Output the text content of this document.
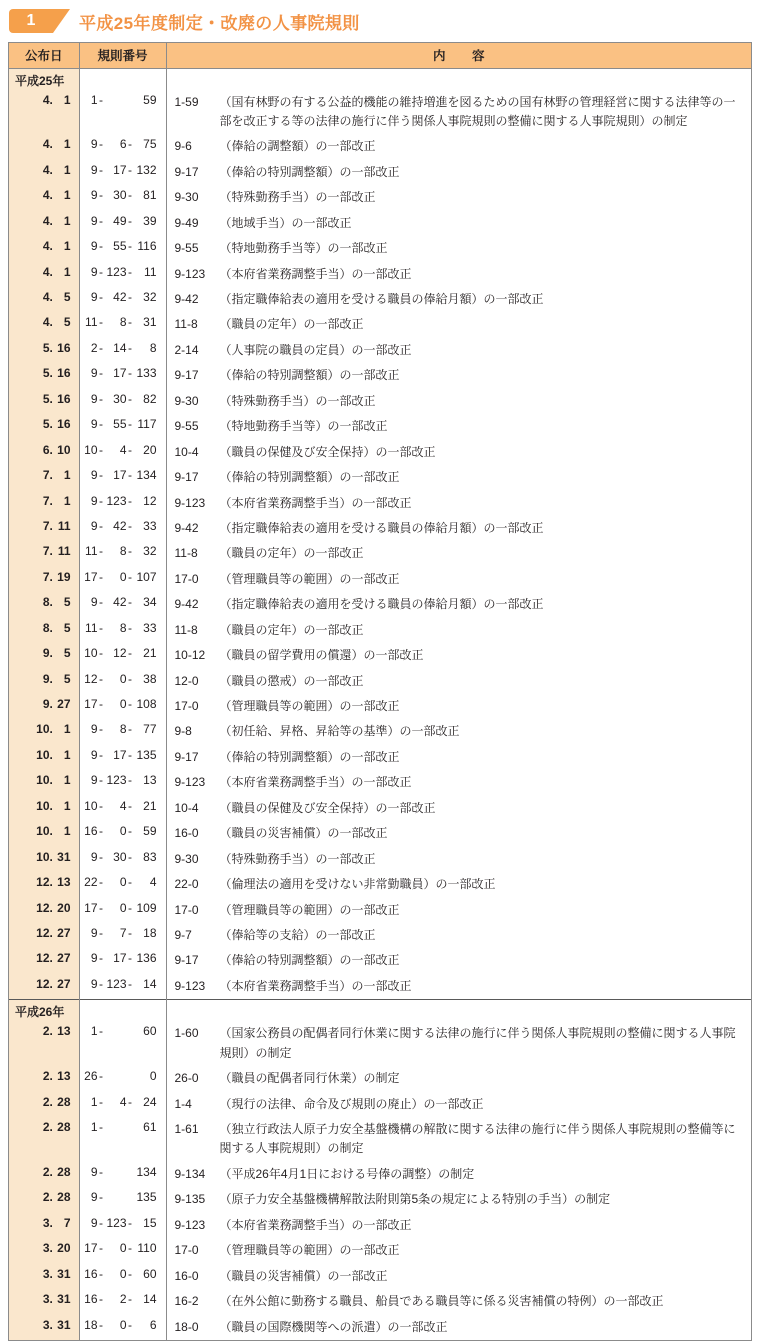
1	平成25年度制定・改廃の人事院規則
公布日	規則番号	内　容
平成25年		

4 . 1	1 - 59	1-59 （国有林野の有する公益的機能の維持増進を図るための国有林野の管理経営に関する法律等の一部を改正する等の法律の施行に伴う関係人事院規則の整備に関する人事院規則）の制定

4 . 1	9 - 6 - 75	9-6 （俸給の調整額）の一部改正

4 . 1	9 - 17 - 132	9-17 （俸給の特別調整額）の一部改正

4 . 1	9 - 30 - 81	9-30 （特殊勤務手当）の一部改正

4 . 1	9 - 49 - 39	9-49 （地域手当）の一部改正

4 . 1	9 - 55 - 116	9-55 （特地勤務手当等）の一部改正

4 . 1	9 - 123 - 11	9-123 （本府省業務調整手当）の一部改正

4 . 5	9 - 42 - 32	9-42 （指定職俸給表の適用を受ける職員の俸給月額）の一部改正

4 . 5	11 - 8 - 31	11-8 （職員の定年）の一部改正

5 . 16	2 - 14 - 8	2-14 （人事院の職員の定員）の一部改正

5 . 16	9 - 17 - 133	9-17 （俸給の特別調整額）の一部改正

5 . 16	9 - 30 - 82	9-30 （特殊勤務手当）の一部改正

5 . 16	9 - 55 - 117	9-55 （特地勤務手当等）の一部改正

6 . 10	10 - 4 - 20	10-4 （職員の保健及び安全保持）の一部改正

7 . 1	9 - 17 - 134	9-17 （俸給の特別調整額）の一部改正

7 . 1	9 - 123 - 12	9-123 （本府省業務調整手当）の一部改正

7 . 11	9 - 42 - 33	9-42 （指定職俸給表の適用を受ける職員の俸給月額）の一部改正

7 . 11	11 - 8 - 32	11-8 （職員の定年）の一部改正

7 . 19	17 - 0 - 107	17-0 （管理職員等の範囲）の一部改正

8 . 5	9 - 42 - 34	9-42 （指定職俸給表の適用を受ける職員の俸給月額）の一部改正

8 . 5	11 - 8 - 33	11-8 （職員の定年）の一部改正

9 . 5	10 - 12 - 21	10-12 （職員の留学費用の償還）の一部改正

9 . 5	12 - 0 - 38	12-0 （職員の懲戒）の一部改正

9 . 27	17 - 0 - 108	17-0 （管理職員等の範囲）の一部改正

10 . 1	9 - 8 - 77	9-8 （初任給、昇格、昇給等の基準）の一部改正

10 . 1	9 - 17 - 135	9-17 （俸給の特別調整額）の一部改正

10 . 1	9 - 123 - 13	9-123 （本府省業務調整手当）の一部改正

10 . 1	10 - 4 - 21	10-4 （職員の保健及び安全保持）の一部改正

10 . 1	16 - 0 - 59	16-0 （職員の災害補償）の一部改正

10 . 31	9 - 30 - 83	9-30 （特殊勤務手当）の一部改正

12 . 13	22 - 0 - 4	22-0 （倫理法の適用を受けない非常勤職員）の一部改正

12 . 20	17 - 0 - 109	17-0 （管理職員等の範囲）の一部改正

12 . 27	9 - 7 - 18	9-7 （俸給等の支給）の一部改正

12 . 27	9 - 17 - 136	9-17 （俸給の特別調整額）の一部改正

12 . 27	9 - 123 - 14	9-123 （本府省業務調整手当）の一部改正

平成26年		

2 . 13	1 - 60	1-60 （国家公務員の配偶者同行休業に関する法律の施行に伴う関係人事院規則の整備に関する人事院規則）の制定

2 . 13	26 - 0	26-0 （職員の配偶者同行休業）の制定

2 . 28	1 - 4 - 24	1-4 （現行の法律、命令及び規則の廃止）の一部改正

2 . 28	1 - 61	1-61 （独立行政法人原子力安全基盤機構の解散に関する法律の施行に伴う関係人事院規則の整備等に関する人事院規則）の制定

2 . 28	9 - 134	9-134 （平成26年4月1日における号俸の調整）の制定

2 . 28	9 - 135	9-135 （原子力安全基盤機構解散法附則第5条の規定による特別の手当）の制定

3 . 7	9 - 123 - 15	9-123 （本府省業務調整手当）の一部改正

3 . 20	17 - 0 - 110	17-0 （管理職員等の範囲）の一部改正

3 . 31	16 - 0 - 60	16-0 （職員の災害補償）の一部改正

3 . 31	16 - 2 - 14	16-2 （在外公館に勤務する職員、船員である職員等に係る災害補償の特例）の一部改正

3 . 31	18 - 0 - 6	18-0 （職員の国際機関等への派遣）の一部改正
